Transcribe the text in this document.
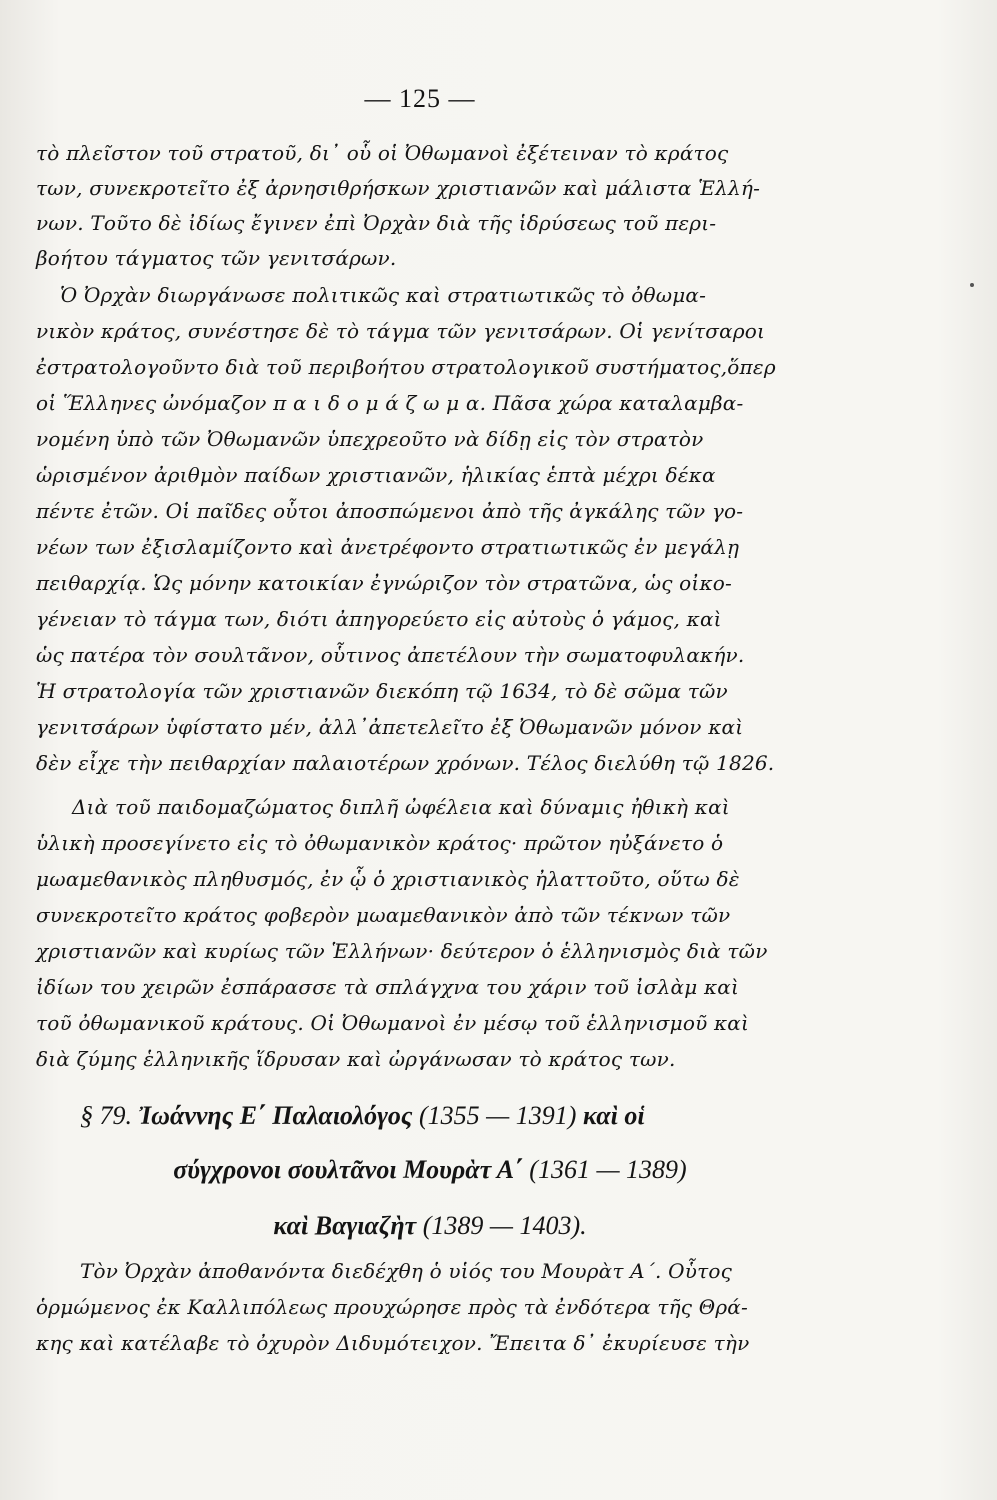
— 125 —
τὸ πλεῖστον τοῦ στρατοῦ, δι᾽ οὗ οἱ Ὀθωμανοὶ ἐξέτειναν τὸ κράτος
των, συνεκροτεῖτο ἐξ ἀρνησιθρήσκων χριστιανῶν καὶ μάλιστα Ἑλλή-
νων. Τοῦτο δὲ ἰδίως ἔγινεν ἐπὶ Ὀρχὰν διὰ τῆς ἱδρύσεως τοῦ περι-
βοήτου τάγματος τῶν γενιτσάρων.
Ὁ Ὀρχὰν διωργάνωσε πολιτικῶς καὶ στρατιωτικῶς τὸ ὀθωμα-
νικὸν κράτος, συνέστησε δὲ τὸ τάγμα τῶν γενιτσάρων. Οἱ γενίτσαροι
ἐστρατολογοῦντο διὰ τοῦ περιβοήτου στρατολογικοῦ συστήματος,ὅπερ
οἱ Ἕλληνες ὠνόμαζον π α ι δ ο μ ά ζ ω μ α. Πᾶσα χώρα καταλαμβα-
νομένη ὑπὸ τῶν Ὀθωμανῶν ὑπεχρεοῦτο νὰ δίδῃ εἰς τὸν στρατὸν
ὡρισμένον ἀριθμὸν παίδων χριστιανῶν, ἡλικίας ἑπτὰ μέχρι δέκα
πέντε ἐτῶν. Οἱ παῖδες οὗτοι ἀποσπώμενοι ἀπὸ τῆς ἀγκάλης τῶν γο-
νέων των ἐξισλαμίζοντο καὶ ἀνετρέφοντο στρατιωτικῶς ἐν μεγάλῃ
πειθαρχίᾳ. Ὡς μόνην κατοικίαν ἐγνώριζον τὸν στρατῶνα, ὡς οἰκο-
γένειαν τὸ τάγμα των, διότι ἀπηγορεύετο εἰς αὐτοὺς ὁ γάμος, καὶ
ὡς πατέρα τὸν σουλτᾶνον, οὗτινος ἀπετέλουν τὴν σωματοφυλακήν.
Ἡ στρατολογία τῶν χριστιανῶν διεκόπη τῷ 1634, τὸ δὲ σῶμα τῶν
γενιτσάρων ὑφίστατο μέν, ἀλλ᾽ἀπετελεῖτο ἐξ Ὀθωμανῶν μόνον καὶ
δὲν εἶχε τὴν πειθαρχίαν παλαιοτέρων χρόνων. Τέλος διελύθη τῷ 1826.
Διὰ τοῦ παιδομαζώματος διπλῆ ὠφέλεια καὶ δύναμις ἠθικὴ καὶ
ὑλικὴ προσεγίνετο εἰς τὸ ὀθωμανικὸν κράτος· πρῶτον ηὐξάνετο ὁ
μωαμεθανικὸς πληθυσμός, ἐν ᾧ ὁ χριστιανικὸς ἠλαττοῦτο, οὕτω δὲ
συνεκροτεῖτο κράτος φοβερὸν μωαμεθανικὸν ἀπὸ τῶν τέκνων τῶν
χριστιανῶν καὶ κυρίως τῶν Ἑλλήνων· δεύτερον ὁ ἑλληνισμὸς διὰ τῶν
ἰδίων του χειρῶν ἐσπάρασσε τὰ σπλάγχνα του χάριν τοῦ ἰσλὰμ καὶ
τοῦ ὀθωμανικοῦ κράτους. Οἱ Ὀθωμανοὶ ἐν μέσῳ τοῦ ἑλληνισμοῦ καὶ
διὰ ζύμης ἑλληνικῆς ἵδρυσαν καὶ ὠργάνωσαν τὸ κράτος των.
§ 79. Ἰωάννης Ε΄ Παλαιολόγος (1355 — 1391) καὶ οἱ
σύγχρονοι σουλτᾶνοι Μουρὰτ Α΄ (1361 — 1389)
καὶ Βαγιαζὴτ (1389 — 1403).
Τὸν Ὀρχὰν ἀποθανόντα διεδέχθη ὁ υἱός του Μουρὰτ Α΄. Οὗτος
ὁρμώμενος ἐκ Καλλιπόλεως προυχώρησε πρὸς τὰ ἐνδότερα τῆς Θρά-
κης καὶ κατέλαβε τὸ ὀχυρὸν Διδυμότειχον. Ἔπειτα δ᾽ ἐκυρίευσε τὴν
